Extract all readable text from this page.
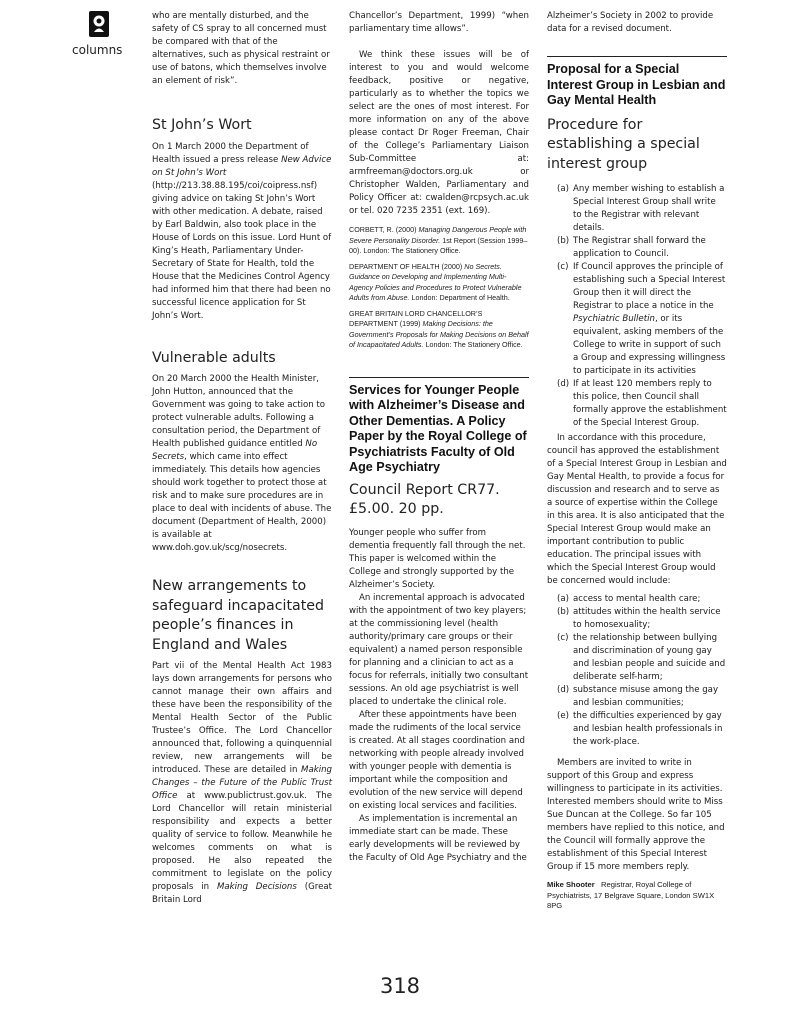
columns

who are mentally disturbed, and the safety of CS spray to all concerned must be compared with that of the alternatives, such as physical restraint or use of batons, which themselves involve an element of risk”.

St John’s Wort

On 1 March 2000 the Department of Health issued a press release New Advice on St John’s Wort (http://213.38.88.195/coi/coipress.nsf) giving advice on taking St John’s Wort with other medication. A debate, raised by Earl Baldwin, also took place in the House of Lords on this issue. Lord Hunt of King’s Heath, Parliamentary Under-Secretary of State for Health, told the House that the Medicines Control Agency had informed him that there had been no successful licence application for St John’s Wort.

Vulnerable adults

On 20 March 2000 the Health Minister, John Hutton, announced that the Government was going to take action to protect vulnerable adults. Following a consultation period, the Department of Health published guidance entitled No Secrets, which came into effect immediately. This details how agencies should work together to protect those at risk and to make sure procedures are in place to deal with incidents of abuse. The document (Department of Health, 2000) is available at www.doh.gov.uk/scg/nosecrets.

New arrangements to safeguard incapacitated people’s finances in England and Wales

Part vii of the Mental Health Act 1983 lays down arrangements for persons who cannot manage their own affairs and these have been the responsibility of the Mental Health Sector of the Public Trustee’s Office. The Lord Chancellor announced that, following a quinquennial review, new arrangements will be introduced. These are detailed in Making Changes – the Future of the Public Trust Office at www.publictrust.gov.uk. The Lord Chancellor will retain ministerial responsibility and expects a better quality of service to follow. Meanwhile he welcomes comments on what is proposed. He also repeated the commitment to legislate on the policy proposals in Making Decisions (Great Britain Lord

Chancellor’s Department, 1999) “when parliamentary time allows”.

We think these issues will be of interest to you and would welcome feedback, positive or negative, particularly as to whether the topics we select are the ones of most interest. For more information on any of the above please contact Dr Roger Freeman, Chair of the College’s Parliamentary Liaison Sub-Committee at: armfreeman@doctors.org.uk or Christopher Walden, Parliamentary and Policy Officer at: cwalden@rcpsych.ac.uk or tel. 020 7235 2351 (ext. 169).

CORBETT, R. (2000) Managing Dangerous People with Severe Personality Disorder. 1st Report (Session 1999–00). London: The Stationery Office.

DEPARTMENT OF HEALTH (2000) No Secrets. Guidance on Developing and Implementing Multi-Agency Policies and Procedures to Protect Vulnerable Adults from Abuse. London: Department of Health.

GREAT BRITAIN LORD CHANCELLOR’S DEPARTMENT (1999) Making Decisions: the Government’s Proposals for Making Decisions on Behalf of Incapacitated Adults. London: The Stationery Office.

Services for Younger People with Alzheimer’s Disease and Other Dementias. A Policy Paper by the Royal College of Psychiatrists Faculty of Old Age Psychiatry
Council Report CR77. £5.00. 20 pp.

Younger people who suffer from dementia frequently fall through the net. This paper is welcomed within the College and strongly supported by the Alzheimer’s Society.

An incremental approach is advocated with the appointment of two key players; at the commissioning level (health authority/primary care groups or their equivalent) a named person responsible for planning and a clinician to act as a focus for referrals, initially two consultant sessions. An old age psychiatrist is well placed to undertake the clinical role.

After these appointments have been made the rudiments of the local service is created. At all stages coordination and networking with people already involved with younger people with dementia is important while the composition and evolution of the new service will depend on existing local services and facilities.

As implementation is incremental an immediate start can be made. These early developments will be reviewed by the Faculty of Old Age Psychiatry and the

Alzheimer’s Society in 2002 to provide data for a revised document.

Proposal for a Special Interest Group in Lesbian and Gay Mental Health
Procedure for establishing a special interest group
(a) Any member wishing to establish a Special Interest Group shall write to the Registrar with relevant details.
(b) The Registrar shall forward the application to Council.
(c) If Council approves the principle of establishing such a Special Interest Group then it will direct the Registrar to place a notice in the Psychiatric Bulletin, or its equivalent, asking members of the College to write in support of such a Group and expressing willingness to participate in its activities
(d) If at least 120 members reply to this police, then Council shall formally approve the establishment of the Special Interest Group.

In accordance with this procedure, council has approved the establishment of a Special Interest Group in Lesbian and Gay Mental Health, to provide a focus for discussion and research and to serve as a source of expertise within the College in this area. It is also anticipated that the Special Interest Group would make an important contribution to public education. The principal issues with which the Special Interest Group would be concerned would include:

(a) access to mental health care;
(b) attitudes within the health service to homosexuality;
(c) the relationship between bullying and discrimination of young gay and lesbian people and suicide and deliberate self-harm;
(d) substance misuse among the gay and lesbian communities;
(e) the difficulties experienced by gay and lesbian health professionals in the work-place.

Members are invited to write in support of this Group and express willingness to participate in its activities. Interested members should write to Miss Sue Duncan at the College. So far 105 members have replied to this notice, and the Council will formally approve the establishment of this Special Interest Group if 15 more members reply.

Mike Shooter Registrar, Royal College of Psychiatrists, 17 Belgrave Square, London SW1X 8PG

318
